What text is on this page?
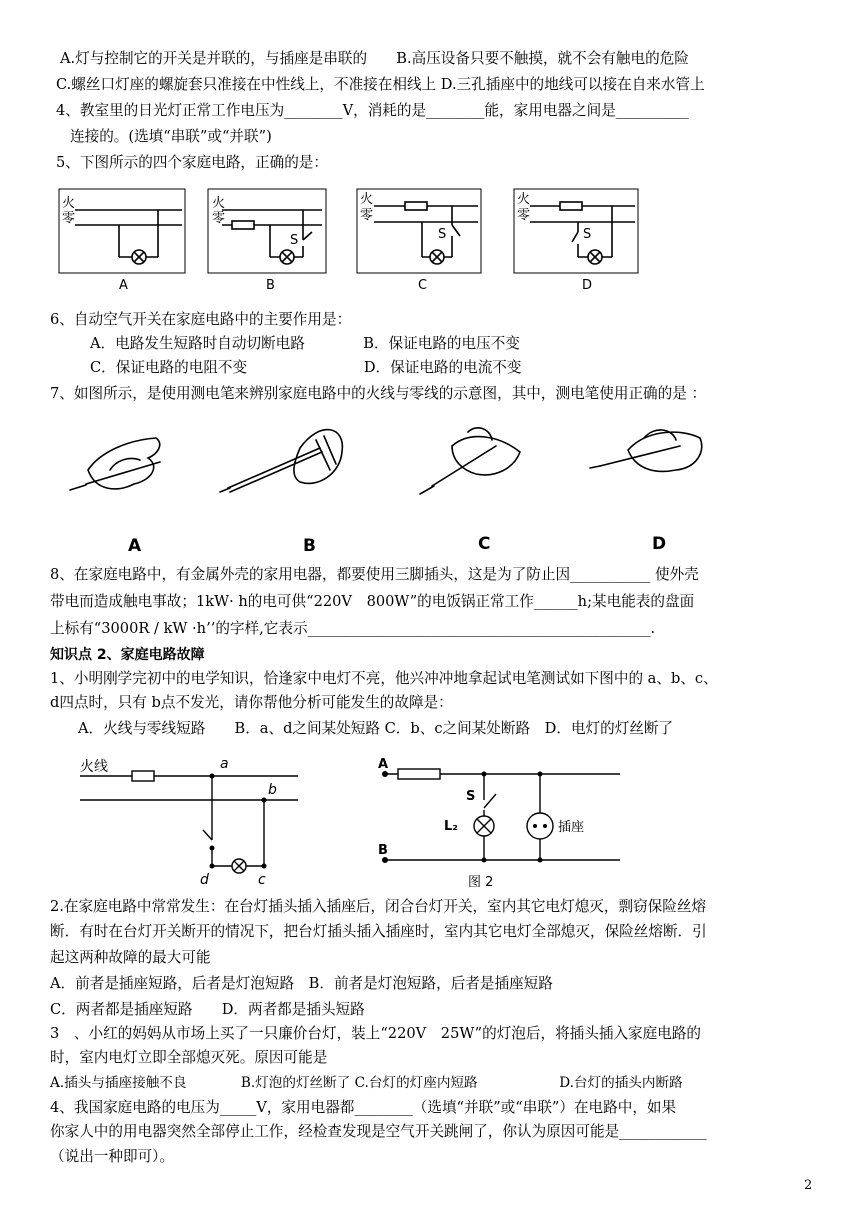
A.灯与控制它的开关是并联的，与插座是串联的　　B.高压设备只要不触摸，就不会有触电的危险
C.螺丝口灯座的螺旋套只准接在中性线上，不准接在相线上 D.三孔插座中的地线可以接在自来水管上
4、教室里的日光灯正常工作电压为________V，消耗的是________能，家用电器之间是__________
连接的。(选填“串联”或“并联”)
5、下图所示的四个家庭电路，正确的是：
火
零
火
零
S
火
零
S
火
零
S
A	B	C	D
6、自动空气开关在家庭电路中的主要作用是：
A．电路发生短路时自动切断电路　　　　B．保证电路的电压不变
C．保证电路的电阻不变　　　　　　　　D．保证电路的电流不变
7、如图所示，是使用测电笔来辨别家庭电路中的火线与零线的示意图，其中，测电笔使用正确的是 ：
A	B	C	D
8、在家庭电路中，有金属外壳的家用电器，都要使用三脚插头，这是为了防止因___________ 使外壳
带电而造成触电事故；1kW· h的电可供“220V　800W”的电饭锅正常工作______h;某电能表的盘面
上标有“3000R / kW ·h’’的字样,它表示_______________________________________________.
知识点 2、家庭电路故障
1、小明刚学完初中的电学知识，恰逢家中电灯不亮，他兴冲冲地拿起试电笔测试如下图中的 a、b、c、
d四点时，只有 b点不发光，请你帮他分析可能发生的故障是：
A．火线与零线短路　　B．a、d之间某处短路 C．b、c之间某处断路　D．电灯的灯丝断了
火线	a
b
c
d
A
B
S
L₂	插座
图 2
2.在家庭电路中常常发生：在台灯插头插入插座后，闭合台灯开关，室内其它电灯熄灭，剽窃保险丝熔
断．有时在台灯开关断开的情况下，把台灯插头插入插座时，室内其它电灯全部熄灭，保险丝熔断．引
起这两种故障的最大可能
A．前者是插座短路，后者是灯泡短路　B．前者是灯泡短路，后者是插座短路
C．两者都是插座短路　　D．两者都是插头短路
3　、小红的妈妈从市场上买了一只廉价台灯，装上“220V　25W”的灯泡后，将插头插入家庭电路的
时，室内电灯立即全部熄灭死。原因可能是
A.插头与插座接触不良　　　　B.灯泡的灯丝断了 C.台灯的灯座内短路　　　　　　D.台灯的插头内断路
4、我国家庭电路的电压为_____V，家用电器都________（选填“并联”或“串联”）在电路中，如果
你家人中的用电器突然全部停止工作，经检查发现是空气开关跳闸了，你认为原因可能是____________
（说出一种即可）。
2
